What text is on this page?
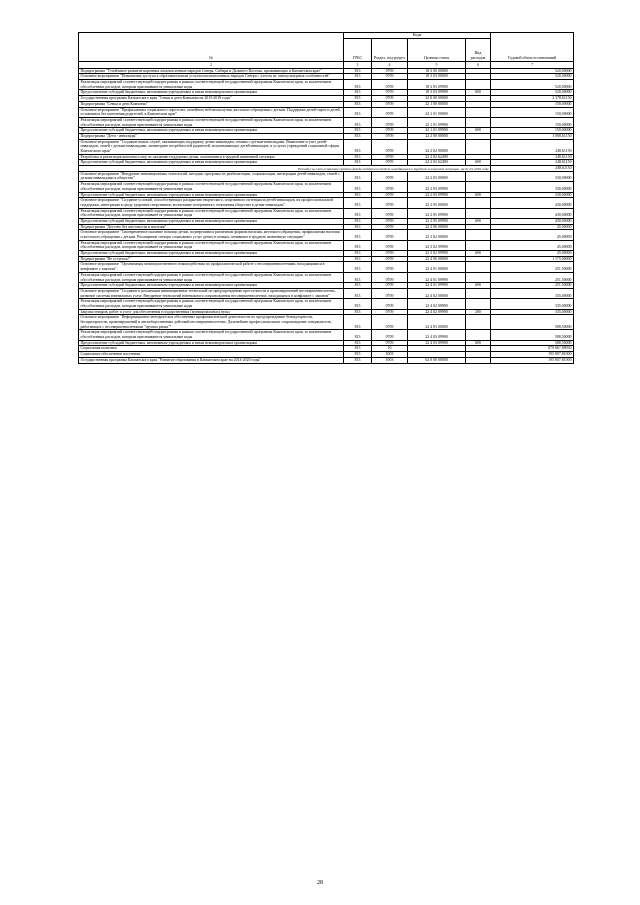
№	Коды				Годовой объем ассигнований
	ГРБС	Раздел, под-раздел	Целевая статья	Вид расходов	
2	3	4	5	6	7
Подпрограмма "Устойчивое развитие коренных малочисленных народов Севера, Сибири и Дальнего Востока, проживающих в Камчатском крае"	813	0709	18 3 00 00000		520,00000
Основное мероприятие "Повышение доступа к образовательным услугам малочисленных народов Севера с учетом их этнокультурных особенностей"	813	0709	18 3 03 00000		520,00000
Реализация мероприятий соответствующей подпрограммы в рамках соответствующей государственной программы Камчатского края, за исключением обособленных расходов, которым присваиваются уникальные коды	813	0709	18 3 03 09990		520,00000
Предоставление субсидий бюджетным, автономным учреждениям и иным некоммерческим организациям	813	0709	18 3 03 09990	600	520,00000
Государственная программа Камчатского края "Семья и дети Камчатки на 2015-2018 годы"	813	0709	22 0 00 00000		2 378,61150
Подпрограмма "Семья и дети Камчатки"	813	0709	22 1 00 00000		150,00000
Основное мероприятие "Профилактика социального сиротства, семейного неблагополучия, жестокого обращения с детьми. Поддержка детей-сирот и детей, оставшихся без попечения родителей, в Камчатском крае"	813	0709	22 1 01 00000		150,00000
Реализация мероприятий соответствующей подпрограммы в рамках соответствующей государственной программы Камчатского края, за исключением обособленных расходов, которым присваиваются уникальные коды	813	0709	22 1 01 09990		150,00000
Предоставление субсидий бюджетным, автономным учреждениям и иным некоммерческим организациям	813	0709	22 1 01 09990	600	150,00000
Подпрограмма "Дети - инвалиды"	813	0709	22 2 00 00000		1 008,61150
Основное мероприятие "Создание новых служб, оказывающих поддержку детям-инвалидам, семьям с детьми-инвалидами. Выявление и учет детей-инвалидов, семей с детьми-инвалидами, мониторинг потребностей родителей, воспитывающих детей-инвалидов, в услугах учреждений социальной сферы Камчатского края"	813	0709	22 2 02 00000		248,61150
Разработка и реализация комплекса мер по оказанию поддержки детям, оказавшимся в трудной жизненной ситуации	813	0709	22 2 02 62490		248,61150
Предоставление субсидий бюджетным, автономным учреждениям и иным некоммерческим организациям	813	0709	22 2 02 62490	600	248,61150
Расходы за счет остатков средств фонда поддержки детей, находящихся в трудной жизненной ситуации, на 01.01.2016 года					248,61150
Основное мероприятие "Внедрение инновационных технологий, методик, программ по реабилитации, социализации, интеграции детей-инвалидов, семей с детьми-инвалидами в общество"	813	0709	22 2 03 00000		330,00000
Реализация мероприятий соответствующей подпрограммы в рамках соответствующей государственной программы Камчатского края, за исключением обособленных расходов, которым присваиваются уникальные коды	813	0709	22 2 03 09990		330,00000
Предоставление субсидий бюджетным, автономным учреждениям и иным некоммерческим организациям	813	0709	22 2 03 09990	600	330,00000
Основное мероприятие "Создание условий, способствующих раскрытию творческого, спортивного потенциала детей-инвалидов, их профессиональной поддержки, интеграции в среду здоровых сверстников, воспитание толерантного отношения общества к детям-инвалидам"	813	0709	22 2 05 00000		430,00000
Реализация мероприятий соответствующей подпрограммы в рамках соответствующей государственной программы Камчатского края, за исключением обособленных расходов, которым присваиваются уникальные коды	813	0709	22 2 05 09990		430,00000
Предоставление субсидий бюджетным, автономным учреждениям и иным некоммерческим организациям	813	0709	22 2 05 09990	600	430,00000
Подпрограмма "Детство без жестокости и насилия"	813	0709	22 3 00 00000		45,00000
Основное мероприятие "Своевременное оказание помощи детям, подвергшимся различным формам насилия, жестокого обращения, профилактика насилия и жестокого обращения с детьми. Расширение спектра социальных услуг детям и семьям, попавшим в трудную жизненную ситуацию"	813	0709	22 3 02 00000		45,00000
Реализация мероприятий соответствующей подпрограммы в рамках соответствующей государственной программы Камчатского края, за исключением обособленных расходов, которым присваиваются уникальные коды	813	0709	22 3 02 09990		45,00000
Предоставление субсидий бюджетным, автономным учреждениям и иным некоммерческим организациям	813	0709	22 3 02 09990	600	45,00000
Подпрограмма "Не оступись!"	813	0709	22 4 00 00000		1 175,00000
Основное мероприятие "Организация межведомственного взаимодействия по профилактической работе с несовершеннолетними, находящимися в конфликте с законом"	813	0709	22 4 01 00000		251,50000
Реализация мероприятий соответствующей подпрограммы в рамках соответствующей государственной программы Камчатского края, за исключением обособленных расходов, которым присваиваются уникальные коды	813	0709	22 4 01 09990		251,50000
Предоставление субсидий бюджетным, автономным учреждениям и иным некоммерческим организациям	813	0709	22 4 01 09990	600	251,50000
Основное мероприятие "Создание и реализация инновационных технологий по предупреждению преступности и правонарушений несовершеннолетних, развитие системы ювенальных услуг. Внедрение технологий ювенального сопровождения несовершеннолетних, находящихся в конфликте с законом"	813	0709	22 4 02 00000		335,00000
Реализация мероприятий соответствующей подпрограммы в рамках соответствующей государственной программы Камчатского края, за исключением обособленных расходов, которым присваиваются уникальные коды	813	0709	22 4 02 09990		335,00000
Закупка товаров, работ и услуг для обеспечения государственных (муниципальных) нужд	813	0709	22 4 02 09990	200	335,00000
Основное мероприятие "Информационно-методическое обеспечение профилактической деятельности по предупреждению безнадзорности, беспризорности, правонарушений и антиобщественных действий несовершеннолетних. Дальнейшее профессиональное сопровождение специалистов, работающих с несовершеннолетними "группы риска""	813	0709	22 4 03 00000		588,50000
Реализация мероприятий соответствующей подпрограммы в рамках соответствующей государственной программы Камчатского края, за исключением обособленных расходов, которым присваиваются уникальные коды	813	0709	22 4 03 09990		588,50000
Предоставление субсидий бюджетным, автономным учреждениям и иным некоммерческим организациям	813	0709	22 4 03 09990	600	588,50000
Социальная политика	813	10			879 067,88930
Социальное обеспечение населения	813	1003			195 807,81000
Государственная программа Камчатского края "Развитие образования в Камчатском крае на 2014-2020 годы"	813	1003	02 0 00 00000		195 807,81000
28
